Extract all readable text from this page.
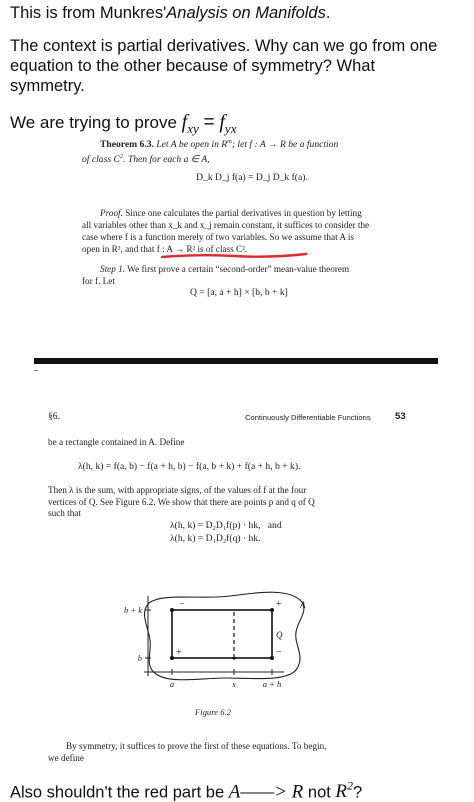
This is from Munkres'Analysis on Manifolds.
The context is partial derivatives. Why can we go from one
equation to the other because of symmetry? What
symmetry.
We are trying to prove $f_{xy} = f_{yx}$
Theorem 6.3. Let A be open in $R^m$; let f : A → R be a function
of class $C^2$. Then for each a ∈ A,
D_k D_j f(a) = D_j D_k f(a).
Proof. Since one calculates the partial derivatives in question by letting
all variables other than x_k and x_j remain constant, it suffices to consider the
case where f is a function merely of two variables. So we assume that A is
open in R², and that f : A → R² is of class C².
Step 1. We first prove a certain “second-order” mean-value theorem
for f. Let
Q = [a, a + h] × [b, b + k]
§6.	Continuously Differentiable Functions	53
be a rectangle contained in A. Define
λ(h, k) = f(a, b) − f(a + h, b) − f(a, b + k) + f(a + h, b + k).
Then λ is the sum, with appropriate signs, of the values of f at the four
vertices of Q. See Figure 6.2. We show that there are points p and q of Q
such that
λ(h, k) = D₂D₁f(p) · hk, and
λ(h, k) = D₁D₂f(q) · hk.
b + k
b
a	s	a + h
A
Q
−	+
+	−
Figure 6.2
By symmetry, it suffices to prove the first of these equations. To begin,
we define
Also shouldn't the red part be A——> R not $R^2$?
